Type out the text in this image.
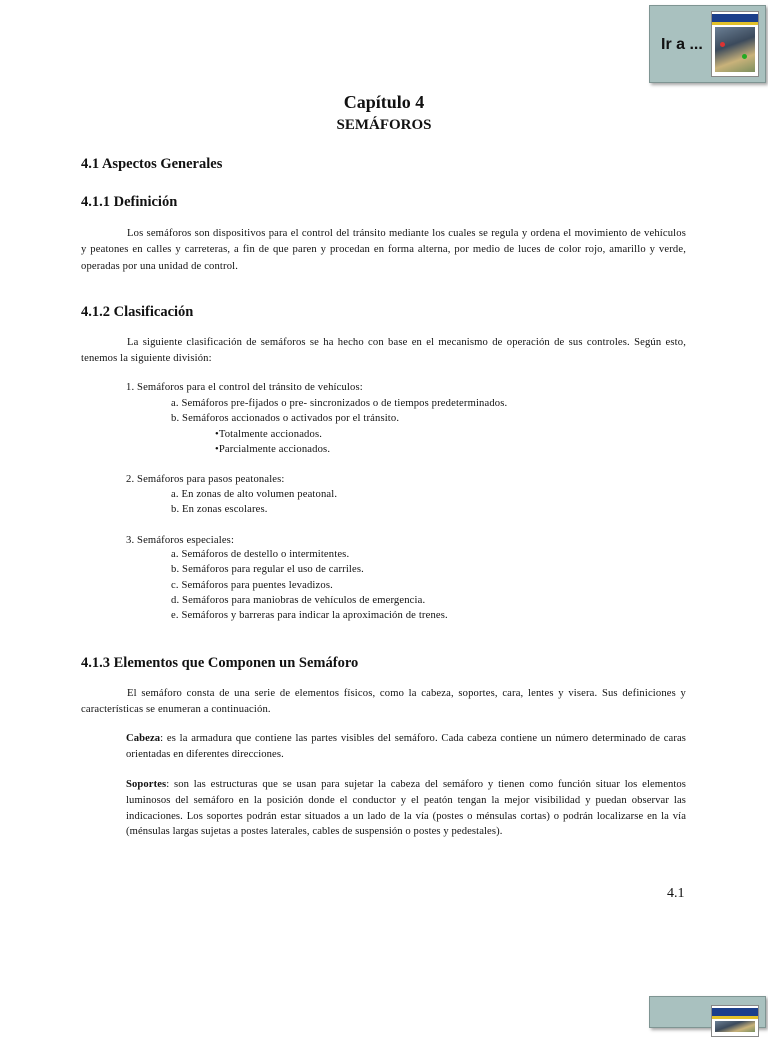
Ir a ...

Capítulo 4

SEMÁFOROS

4.1 Aspectos Generales

4.1.1 Definición

Los semáforos son dispositivos para el control del tránsito mediante los cuales se regula y ordena el movimiento de vehículos y peatones en calles y carreteras, a fin de que paren y procedan en forma alterna, por medio de luces de color rojo, amarillo y verde, operadas por una unidad de control.

4.1.2 Clasificación

La siguiente clasificación de semáforos se ha hecho con base en el mecanismo de operación de sus controles. Según esto, tenemos la siguiente división:

1. Semáforos para el control del tránsito de vehículos:
a. Semáforos pre-fijados o pre- sincronizados o de tiempos predeterminados.
b. Semáforos accionados o activados por el tránsito.
•Totalmente accionados.
•Parcialmente accionados.
2. Semáforos para pasos peatonales:
a. En zonas de alto volumen peatonal.
b. En zonas escolares.
3. Semáforos especiales:
a. Semáforos de destello o intermitentes.
b. Semáforos para regular el uso de carriles.
c. Semáforos para puentes levadizos.
d. Semáforos para maniobras de vehículos de emergencia.
e. Semáforos y barreras para indicar la aproximación de trenes.

4.1.3 Elementos que Componen un Semáforo

El semáforo consta de una serie de elementos físicos, como la cabeza, soportes, cara, lentes y visera. Sus definiciones y características se enumeran a continuación.

Cabeza: es la armadura que contiene las partes visibles del semáforo. Cada cabeza contiene un número determinado de caras orientadas en diferentes direcciones.

Soportes: son las estructuras que se usan para sujetar la cabeza del semáforo y tienen como función situar los elementos luminosos del semáforo en la posición donde el conductor y el peatón tengan la mejor visibilidad y puedan observar las indicaciones. Los soportes podrán estar situados a un lado de la vía (postes o ménsulas cortas) o podrán localizarse en la vía (ménsulas largas sujetas a postes laterales, cables de suspensión o postes y pedestales).

4.1
